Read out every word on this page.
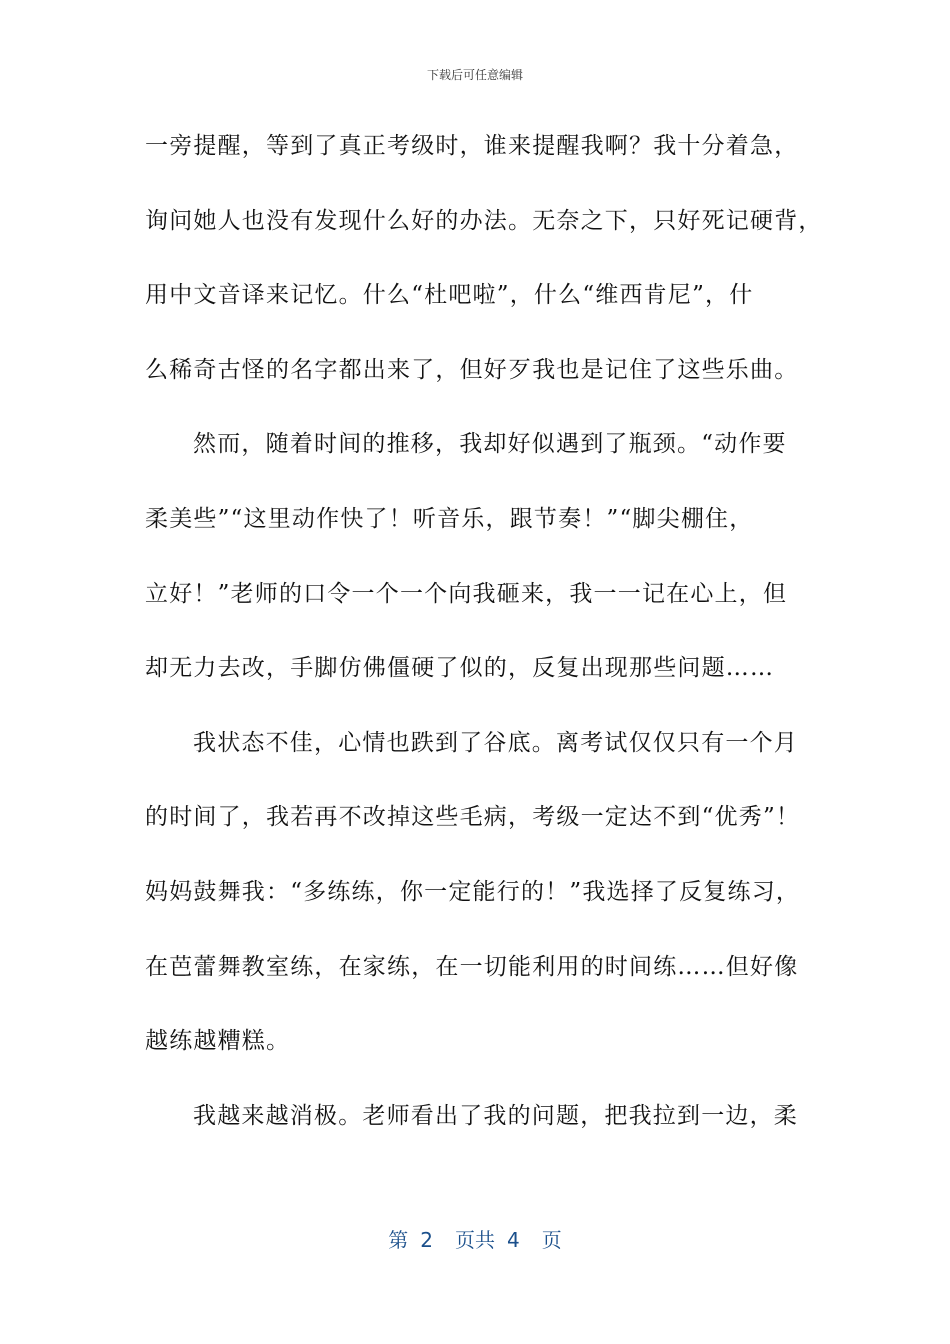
下载后可任意编辑
一旁提醒，等到了真正考级时，谁来提醒我啊？我十分着急，
询问她人也没有发现什么好的办法。无奈之下，只好死记硬背，
用中文音译来记忆。什么“杜吧啦”，什么“维西肯尼”，什
么稀奇古怪的名字都出来了，但好歹我也是记住了这些乐曲。
然而，随着时间的推移，我却好似遇到了瓶颈。“动作要
柔美些”“这里动作快了！听音乐，跟节奏！”“脚尖棚住，
立好！”老师的口令一个一个向我砸来，我一一记在心上，但
却无力去改，手脚仿佛僵硬了似的，反复出现那些问题……
我状态不佳，心情也跌到了谷底。离考试仅仅只有一个月
的时间了，我若再不改掉这些毛病，考级一定达不到“优秀”！
妈妈鼓舞我：“多练练，你一定能行的！”我选择了反复练习，
在芭蕾舞教室练，在家练，在一切能利用的时间练……但好像
越练越糟糕。
我越来越消极。老师看出了我的问题，把我拉到一边，柔
第 2 页共 4 页
